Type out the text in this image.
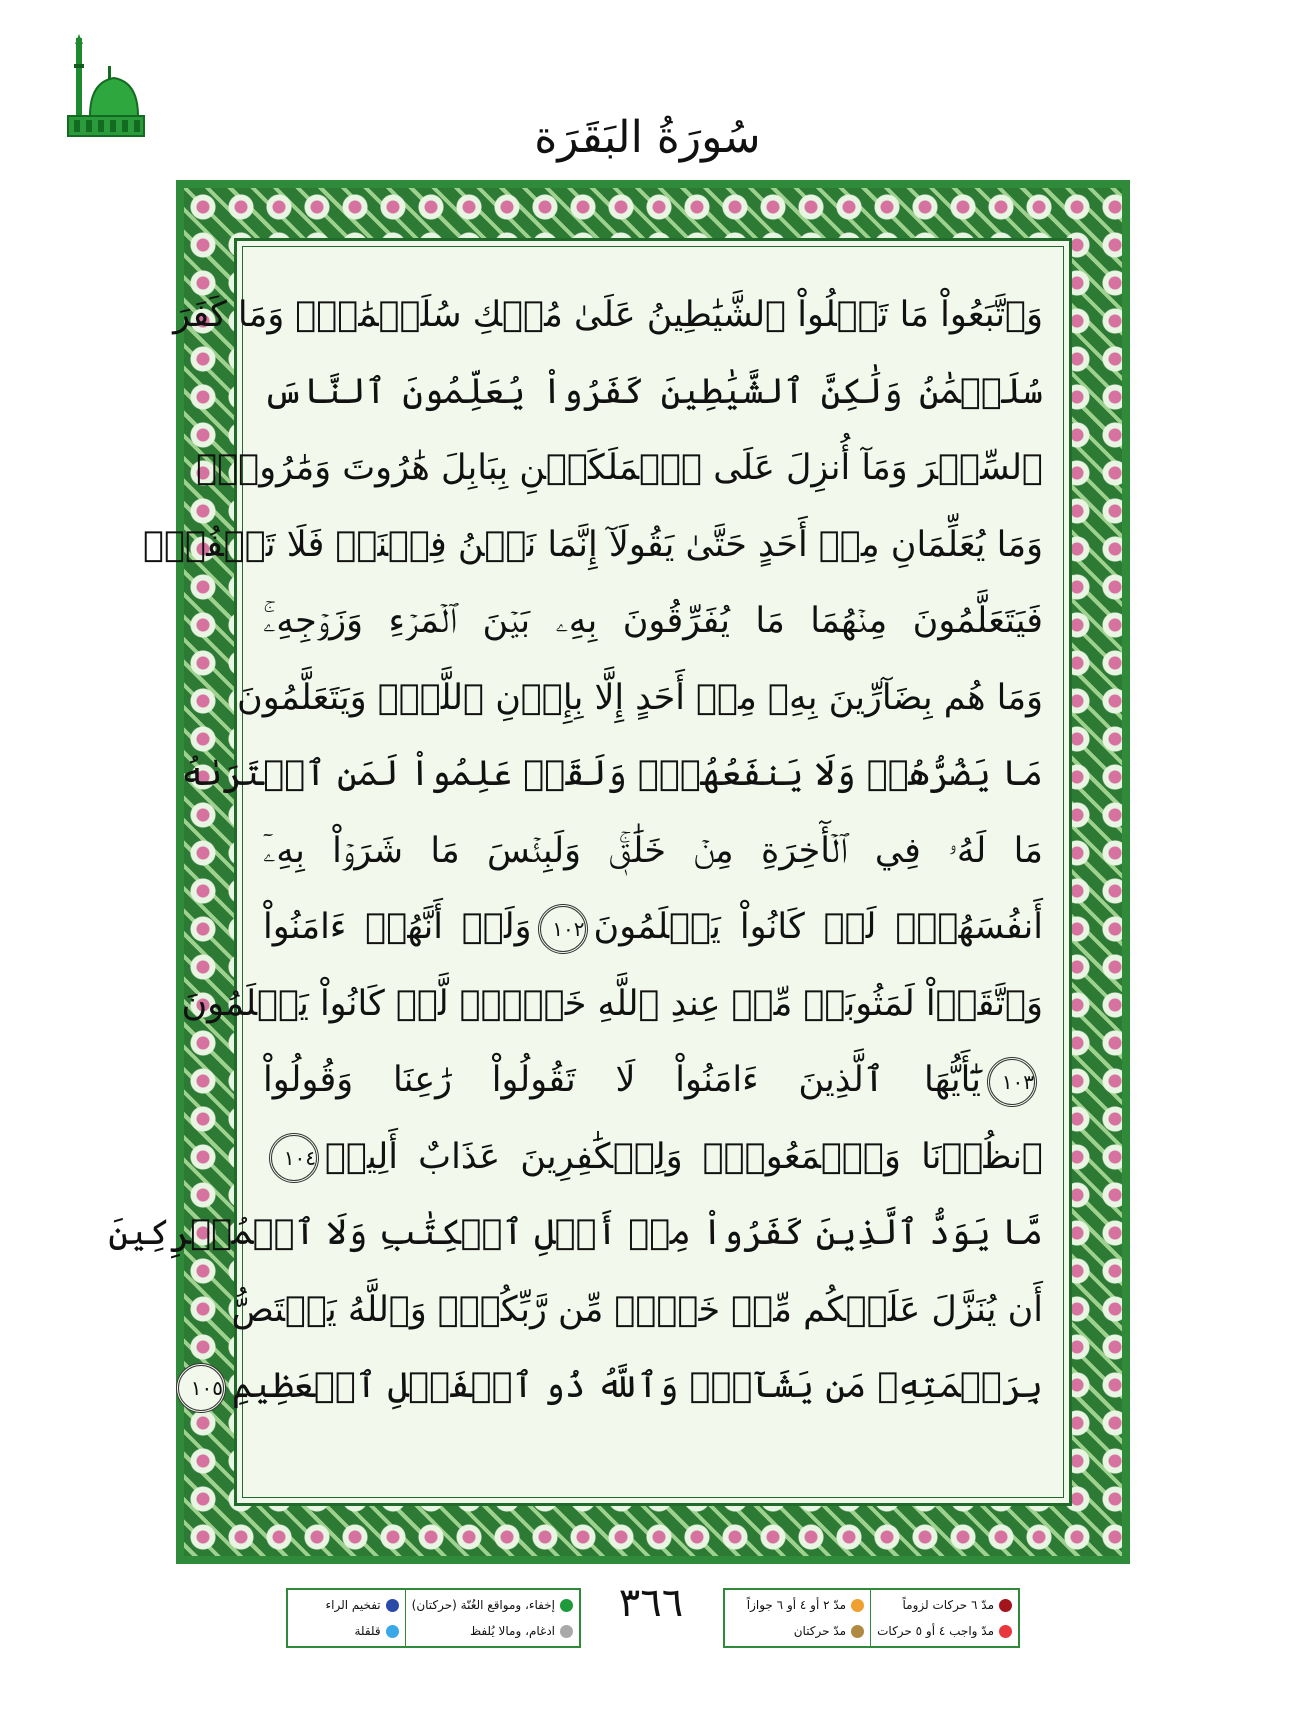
سُورَةُ البَقَرَة
وَٱتَّبَعُواْ مَا تَتۡلُواْ ٱلشَّيَٰطِينُ عَلَىٰ مُلۡكِ سُلَيۡمَٰنَۖ وَمَا كَفَرَ
سُلَيۡمَٰنُ وَلَٰكِنَّ ٱلشَّيَٰطِينَ كَفَرُواْ يُعَلِّمُونَ ٱلنَّاسَ
ٱلسِّحۡرَ وَمَآ أُنزِلَ عَلَى ٱلۡمَلَكَيۡنِ بِبَابِلَ هَٰرُوتَ وَمَٰرُوتَۚ
وَمَا يُعَلِّمَانِ مِنۡ أَحَدٍ حَتَّىٰ يَقُولَآ إِنَّمَا نَحۡنُ فِتۡنَةٞ فَلَا تَكۡفُرۡۖ
فَيَتَعَلَّمُونَ مِنۡهُمَا مَا يُفَرِّقُونَ بِهِۦ بَيۡنَ ٱلۡمَرۡءِ وَزَوۡجِهِۦۚ
وَمَا هُم بِضَآرِّينَ بِهِۦ مِنۡ أَحَدٍ إِلَّا بِإِذۡنِ ٱللَّهِۚ وَيَتَعَلَّمُونَ
مَا يَضُرُّهُمۡ وَلَا يَنفَعُهُمۡۚ وَلَقَدۡ عَلِمُواْ لَمَنِ ٱشۡتَرَىٰهُ
مَا لَهُۥ فِي ٱلۡأٓخِرَةِ مِنۡ خَلَٰقٖۚ وَلَبِئۡسَ مَا شَرَوۡاْ بِهِۦٓ
أَنفُسَهُمۡۚ لَوۡ كَانُواْ يَعۡلَمُونَ١٠٢وَلَوۡ أَنَّهُمۡ ءَامَنُواْ
وَٱتَّقَوۡاْ لَمَثُوبَةٞ مِّنۡ عِندِ ٱللَّهِ خَيۡرٞۖ لَّوۡ كَانُواْ يَعۡلَمُونَ
١٠٣يَٰٓأَيُّهَا ٱلَّذِينَ ءَامَنُواْ لَا تَقُولُواْ رَٰعِنَا وَقُولُواْ
ٱنظُرۡنَا وَٱسۡمَعُواْۗ وَلِلۡكَٰفِرِينَ عَذَابٌ أَلِيمٞ١٠٤
مَّا يَوَدُّ ٱلَّذِينَ كَفَرُواْ مِنۡ أَهۡلِ ٱلۡكِتَٰبِ وَلَا ٱلۡمُشۡرِكِينَ
أَن يُنَزَّلَ عَلَيۡكُم مِّنۡ خَيۡرٖ مِّن رَّبِّكُمۡۚ وَٱللَّهُ يَخۡتَصُّ
بِرَحۡمَتِهِۦ مَن يَشَآءُۚ وَٱللَّهُ ذُو ٱلۡفَضۡلِ ٱلۡعَظِيمِ١٠٥
مدّ ٦ حركات لزوماً
مدّ واجب ٤ أو ٥ حركات
مدّ ٢ أو ٤ أو ٦ جوازاً
مدّ حركتان
٣٦٦
إخفاء، ومواقع الغُنّة (حركتان)
ادغام، ومالا يُلفظ
تفخيم الراء
قلقلة
